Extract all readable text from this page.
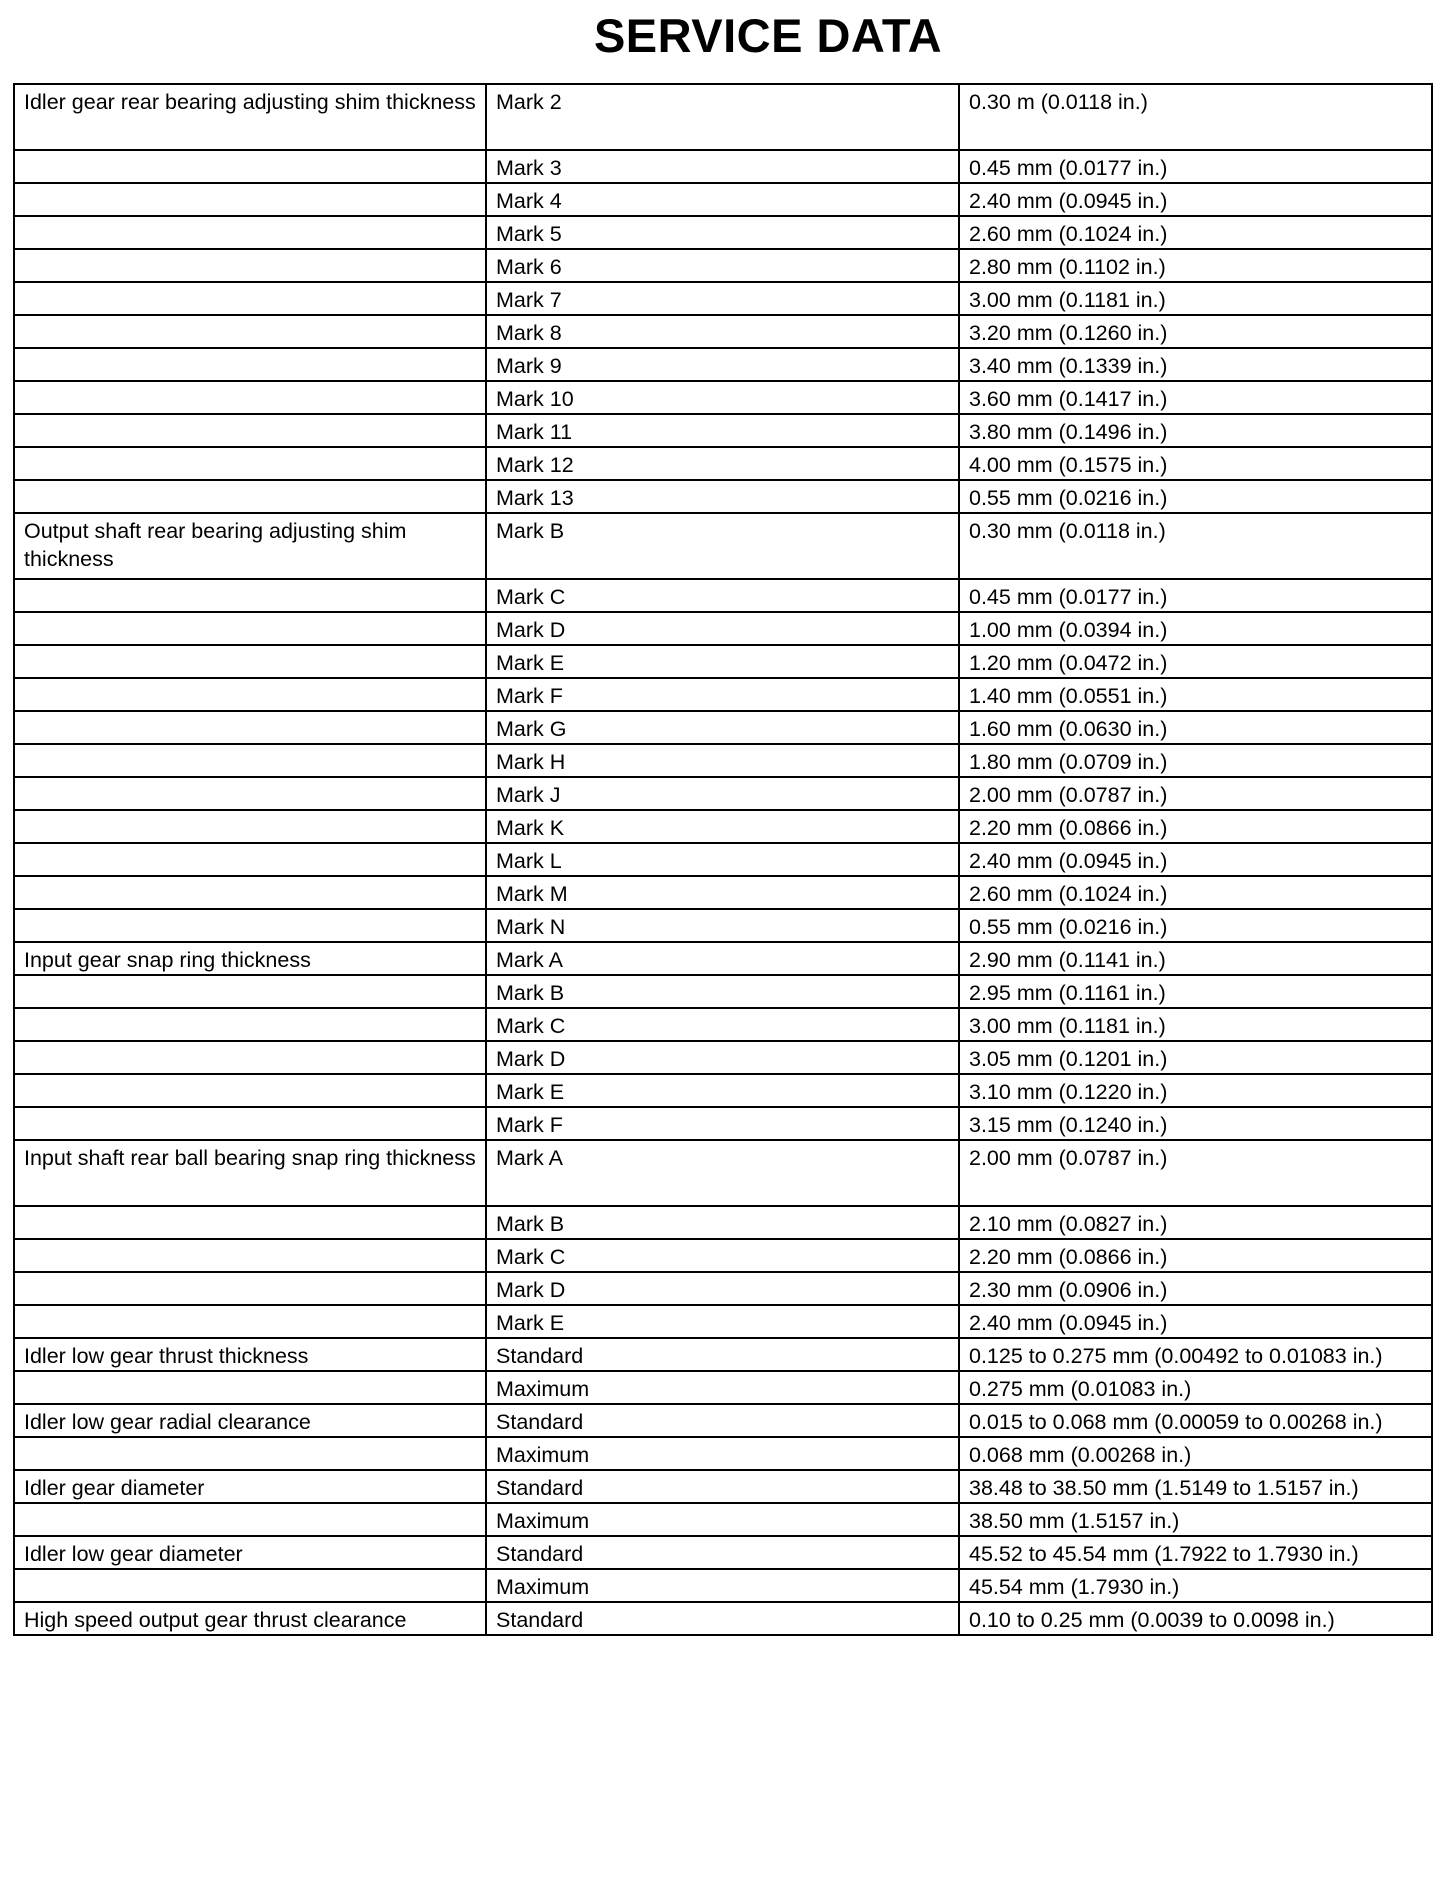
SERVICE DATA
Idler gear rear bearing adjusting shim thickness	Mark 2	0.30 m (0.0118 in.)
	Mark 3	0.45 mm (0.0177 in.)
	Mark 4	2.40 mm (0.0945 in.)
	Mark 5	2.60 mm (0.1024 in.)
	Mark 6	2.80 mm (0.1102 in.)
	Mark 7	3.00 mm (0.1181 in.)
	Mark 8	3.20 mm (0.1260 in.)
	Mark 9	3.40 mm (0.1339 in.)
	Mark 10	3.60 mm (0.1417 in.)
	Mark 11	3.80 mm (0.1496 in.)
	Mark 12	4.00 mm (0.1575 in.)
	Mark 13	0.55 mm (0.0216 in.)
Output shaft rear bearing adjusting shim thickness	Mark B	0.30 mm (0.0118 in.)
	Mark C	0.45 mm (0.0177 in.)
	Mark D	1.00 mm (0.0394 in.)
	Mark E	1.20 mm (0.0472 in.)
	Mark F	1.40 mm (0.0551 in.)
	Mark G	1.60 mm (0.0630 in.)
	Mark H	1.80 mm (0.0709 in.)
	Mark J	2.00 mm (0.0787 in.)
	Mark K	2.20 mm (0.0866 in.)
	Mark L	2.40 mm (0.0945 in.)
	Mark M	2.60 mm (0.1024 in.)
	Mark N	0.55 mm (0.0216 in.)
Input gear snap ring thickness	Mark A	2.90 mm (0.1141 in.)
	Mark B	2.95 mm (0.1161 in.)
	Mark C	3.00 mm (0.1181 in.)
	Mark D	3.05 mm (0.1201 in.)
	Mark E	3.10 mm (0.1220 in.)
	Mark F	3.15 mm (0.1240 in.)
Input shaft rear ball bearing snap ring thickness	Mark A	2.00 mm (0.0787 in.)
	Mark B	2.10 mm (0.0827 in.)
	Mark C	2.20 mm (0.0866 in.)
	Mark D	2.30 mm (0.0906 in.)
	Mark E	2.40 mm (0.0945 in.)
Idler low gear thrust thickness	Standard	0.125 to 0.275 mm (0.00492 to 0.01083 in.)
	Maximum	0.275 mm (0.01083 in.)
Idler low gear radial clearance	Standard	0.015 to 0.068 mm (0.00059 to 0.00268 in.)
	Maximum	0.068 mm (0.00268 in.)
Idler gear diameter	Standard	38.48 to 38.50 mm (1.5149 to 1.5157 in.)
	Maximum	38.50 mm (1.5157 in.)
Idler low gear diameter	Standard	45.52 to 45.54 mm (1.7922 to 1.7930 in.)
	Maximum	45.54 mm (1.7930 in.)
High speed output gear thrust clearance	Standard	0.10 to 0.25 mm (0.0039 to 0.0098 in.)
